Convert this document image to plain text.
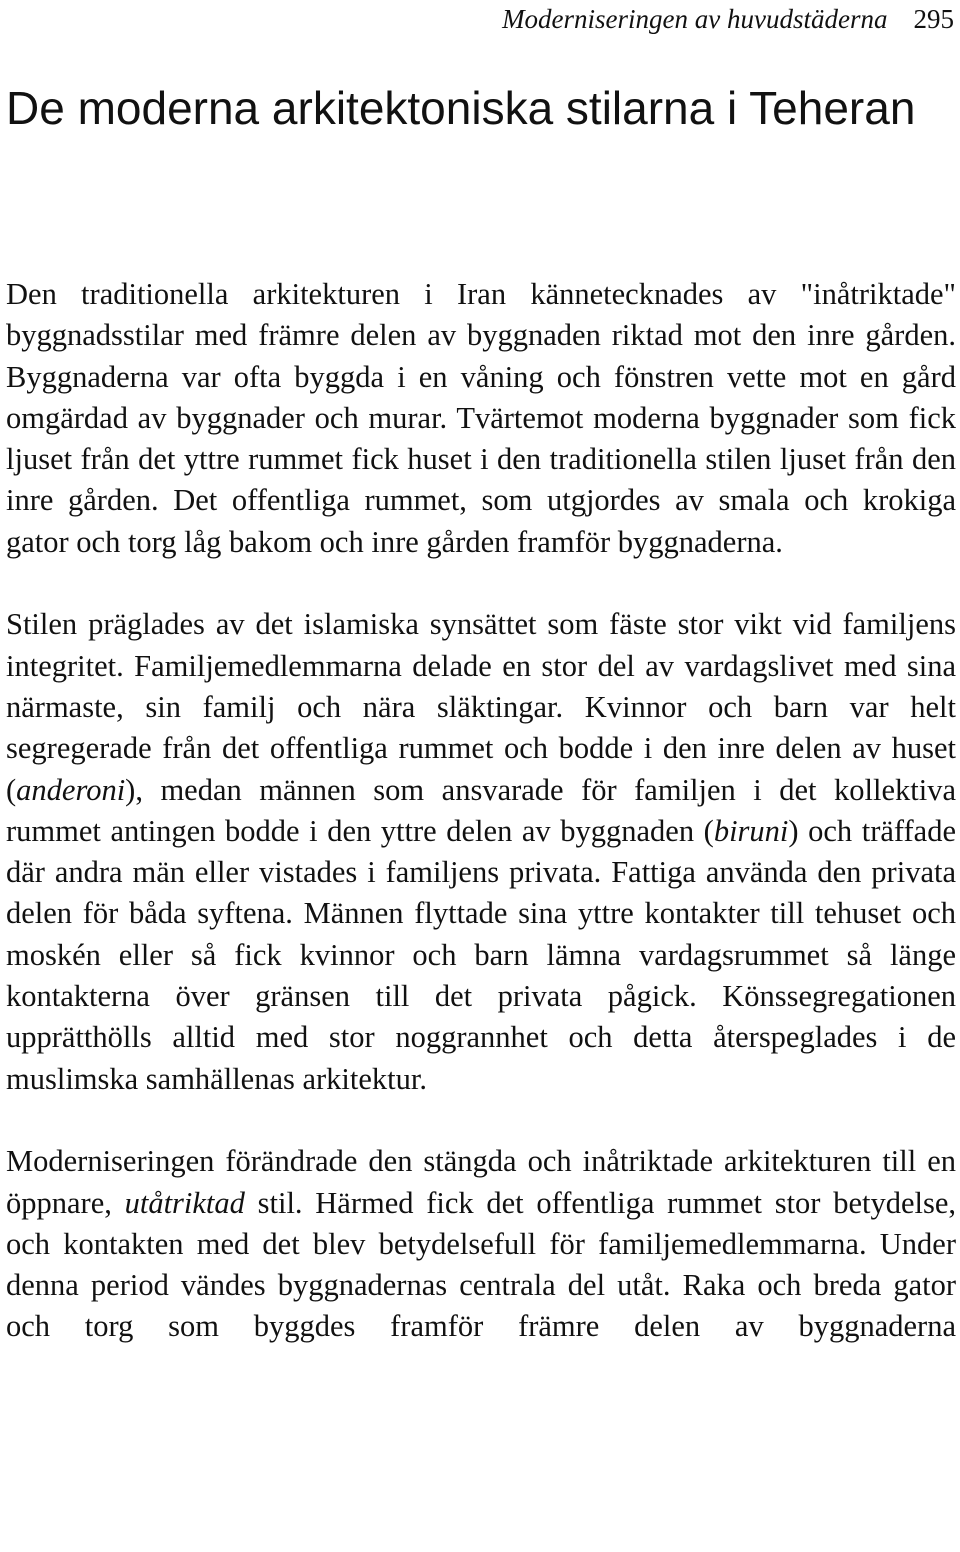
Moderniseringen av huvudstäderna 295
De moderna arkitektoniska stilarna i Teheran

Den traditionella arkitekturen i Iran kännetecknades av "inåtriktade" byggnadsstilar med främre delen av byggnaden riktad mot den inre gården. Byggnaderna var ofta byggda i en våning och fönstren vette mot en gård omgärdad av byggnader och murar. Tvärtemot moderna byggnader som fick ljuset från det yttre rummet fick huset i den traditionella stilen ljuset från den inre gården. Det offentliga rummet, som utgjordes av smala och krokiga gator och torg låg bakom och inre gården framför byggnaderna.

Stilen präglades av det islamiska synsättet som fäste stor vikt vid familjens integritet. Familjemedlemmarna delade en stor del av vardagslivet med sina närmaste, sin familj och nära släktingar. Kvinnor och barn var helt segregerade från det offentliga rummet och bodde i den inre delen av huset (anderoni), medan männen som ansvarade för familjen i det kollektiva rummet antingen bodde i den yttre delen av byggnaden (biruni) och träffade där andra män eller vistades i familjens privata. Fattiga använda den privata delen för båda syftena. Männen flyttade sina yttre kontakter till tehuset och moskén eller så fick kvinnor och barn lämna vardagsrummet så länge kontakterna över gränsen till det privata pågick. Könssegregationen upprätthölls alltid med stor noggrannhet och detta återspeglades i de muslimska samhällenas arkitektur.

Moderniseringen förändrade den stängda och inåtriktade arkitekturen till en öppnare, utåtriktad stil. Härmed fick det offentliga rummet stor betydelse, och kontakten med det blev betydelsefull för familjemedlemmarna. Under denna period vändes byggnadernas centrala del utåt. Raka och breda gator och torg som byggdes framför främre delen av byggnaderna
